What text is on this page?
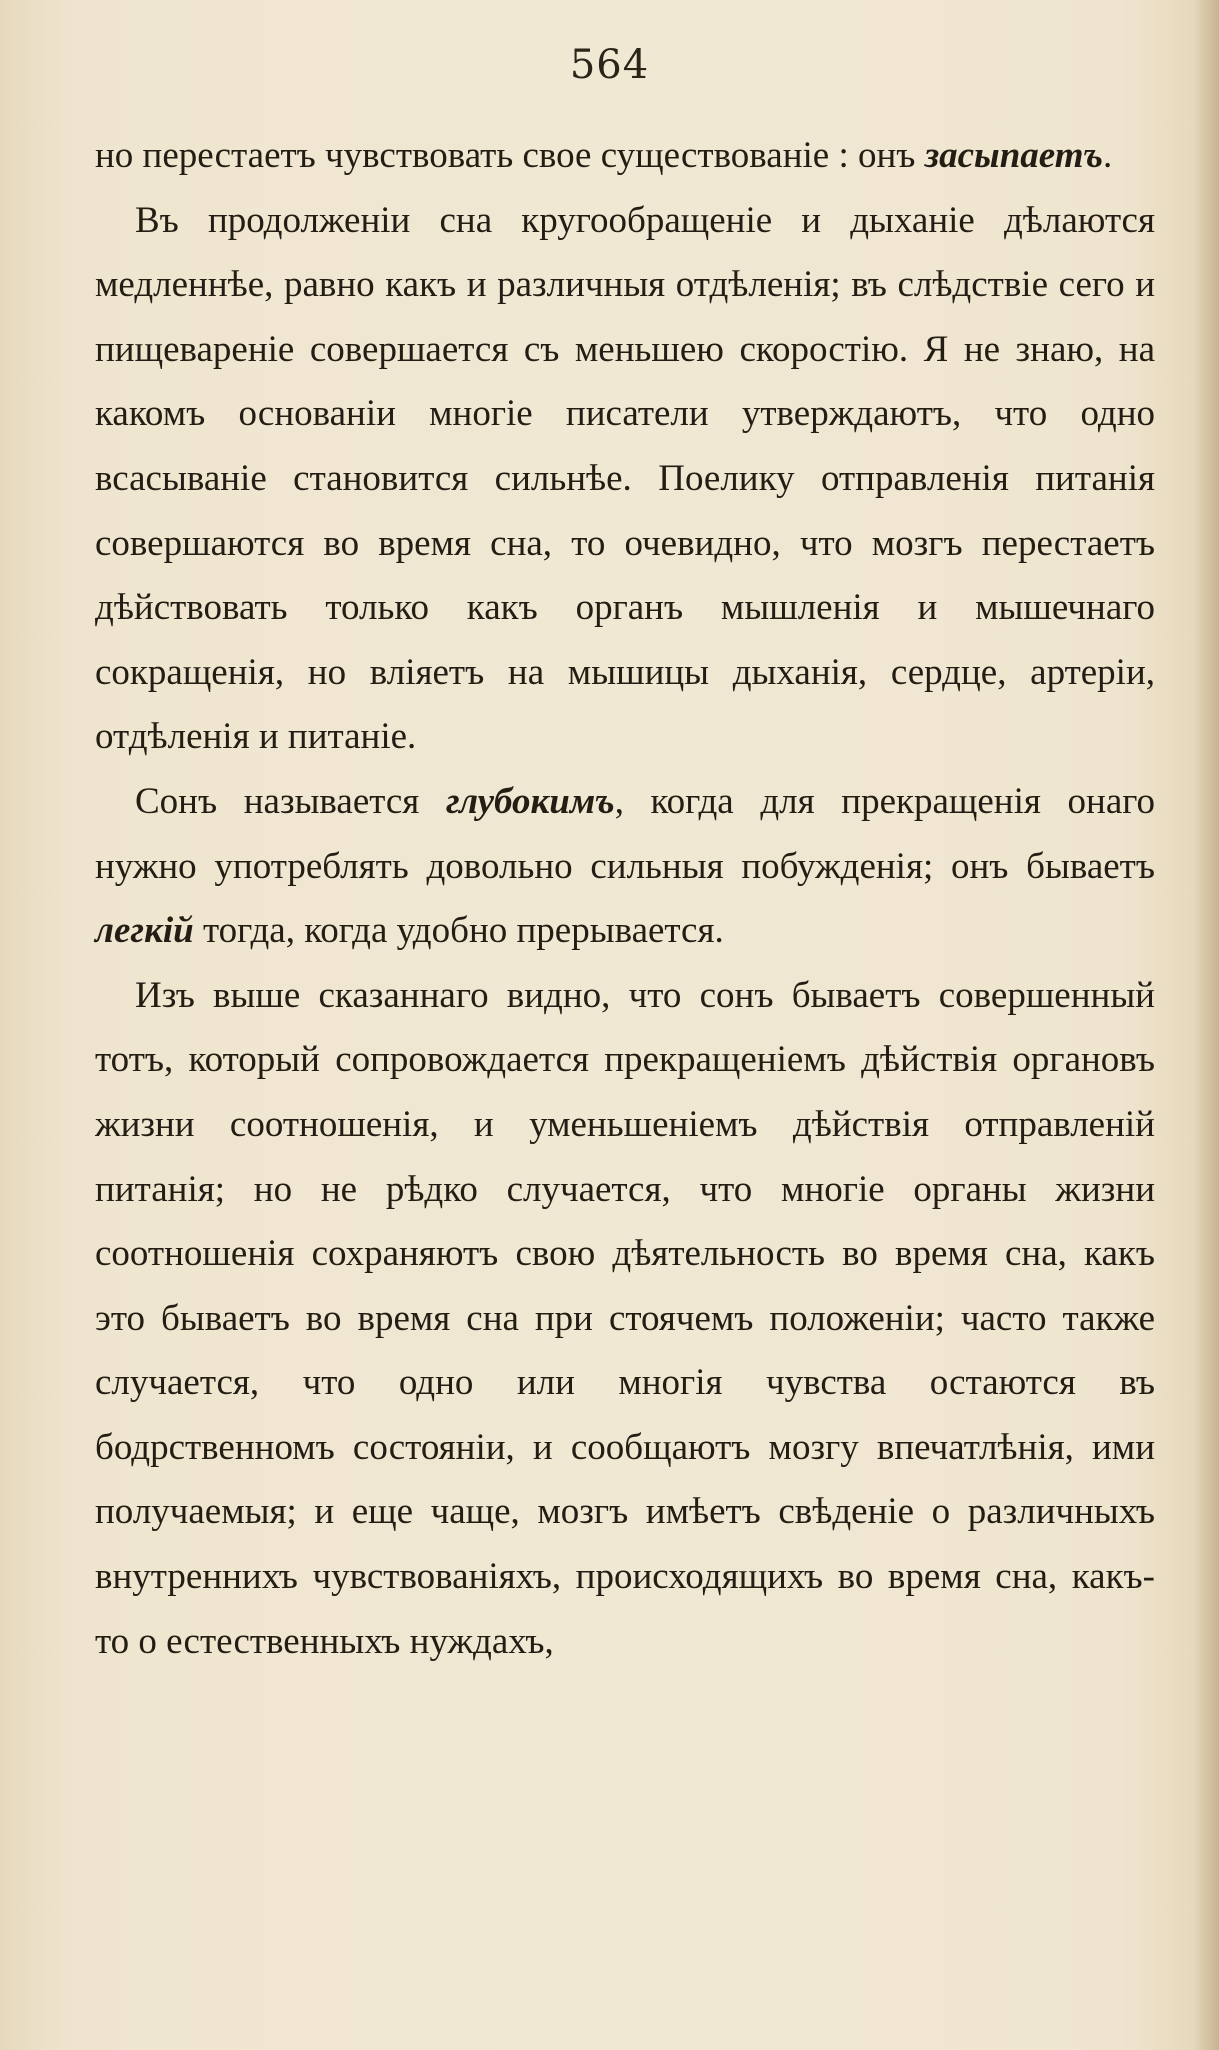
564

но перестаетъ чувствовать свое существованіе : онъ засыпаетъ.

Въ продолженіи сна кругообращеніе и дыханіе дѣлаются медленнѣе, равно какъ и различныя отдѣленія; въ слѣдствіе сего и пищевареніе совершается съ меньшею скоростію. Я не знаю, на какомъ основаніи многіе писатели утверждаютъ, что одно всасываніе становится сильнѣе. Поелику отправленія питанія совершаются во время сна, то очевидно, что мозгъ перестаетъ дѣйствовать только какъ органъ мышленія и мышечнаго сокращенія, но вліяетъ на мышицы дыханія, сердце, артеріи, отдѣленія и питаніе.

Сонъ называется глубокимъ, когда для прекращенія онаго нужно употреблять довольно сильныя побужденія; онъ бываетъ легкій тогда, когда удобно прерывается.

Изъ выше сказаннаго видно, что сонъ бываетъ совершенный тотъ, который сопровождается прекращеніемъ дѣйствія органовъ жизни соотношенія, и уменьшеніемъ дѣйствія отправленій питанія; но не рѣдко случается, что многіе органы жизни соотношенія сохраняютъ свою дѣятельность во время сна, какъ это бываетъ во время сна при стоячемъ положеніи; часто также случается, что одно или многія чувства остаются въ бодрственномъ состояніи, и сообщаютъ мозгу впечатлѣнія, ими получаемыя; и еще чаще, мозгъ имѣетъ свѣденіе о различныхъ внутреннихъ чувствованіяхъ, происходящихъ во время сна, какъ-то о естественныхъ нуждахъ,
